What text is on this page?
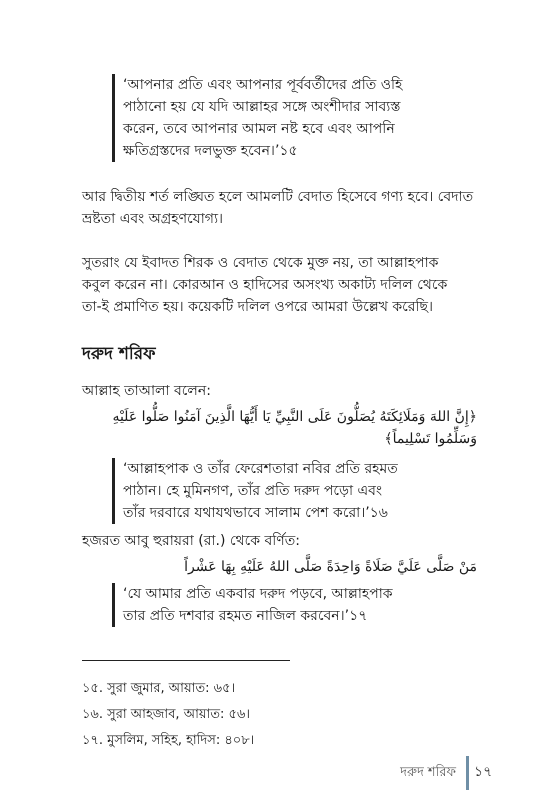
‘আপনার প্রতি এবং আপনার পূর্ববর্তীদের প্রতি ওহি
পাঠানো হয় যে যদি আল্লাহর সঙ্গে অংশীদার সাব্যস্ত
করেন, তবে আপনার আমল নষ্ট হবে এবং আপনি
ক্ষতিগ্রস্তদের দলভুক্ত হবেন।’১৫
আর দ্বিতীয় শর্ত লঙ্ঘিত হলে আমলটি বেদাত হিসেবে গণ্য হবে। বেদাত
ভ্রষ্টতা এবং অগ্রহণযোগ্য।
সুতরাং যে ইবাদত শিরক ও বেদাত থেকে মুক্ত নয়, তা আল্লাহপাক
কবুল করেন না। কোরআন ও হাদিসের অসংখ্য অকাট্য দলিল থেকে
তা-ই প্রমাণিত হয়। কয়েকটি দলিল ওপরে আমরা উল্লেখ করেছি।
দরুদ শরিফ
আল্লাহ তাআলা বলেন:
﴿إِنَّ اللهَ وَمَلَائِكَتَهُ يُصَلُّونَ عَلَى النَّبِيِّ يَا أَيُّهَا الَّذِينَ آمَنُوا صَلُّوا عَلَيْهِ
وَسَلِّمُوا تَسْلِيماً﴾
‘আল্লাহপাক ও তাঁর ফেরেশতারা নবির প্রতি রহমত
পাঠান। হে মুমিনগণ, তাঁর প্রতি দরুদ পড়ো এবং
তাঁর দরবারে যথাযথভাবে সালাম পেশ করো।’১৬
হজরত আবু হুরায়রা (রা.) থেকে বর্ণিত:
مَنْ صَلَّى عَلَيَّ صَلَاةً وَاحِدَةً صَلَّى اللهُ عَلَيْهِ بِهَا عَشْراً
‘যে আমার প্রতি একবার দরুদ পড়বে, আল্লাহপাক
তার প্রতি দশবার রহমত নাজিল করবেন।’১৭
১৫. সুরা জুমার, আয়াত: ৬৫।
১৬. সুরা আহজাব, আয়াত: ৫৬।
১৭. মুসলিম, সহিহ, হাদিস: ৪০৮।
দরুদ শরিফ ১৭
